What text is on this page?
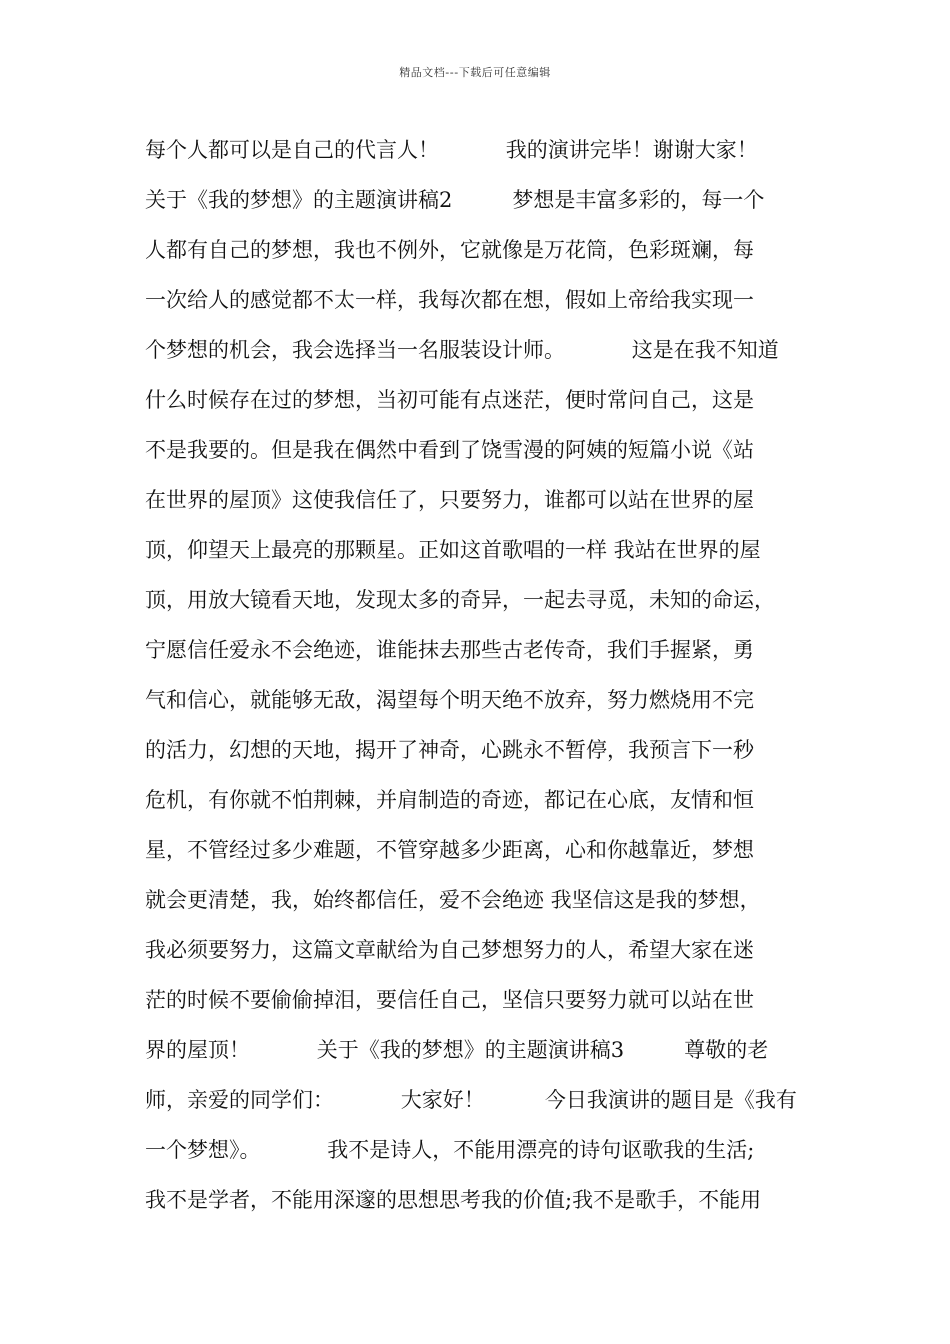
精品文档---下载后可任意编辑
每个人都可以是自己的代言人！          我的演讲完毕！谢谢大家！
关于《我的梦想》的主题演讲稿2         梦想是丰富多彩的，每一个
人都有自己的梦想，我也不例外，它就像是万花筒，色彩斑斓，每
一次给人的感觉都不太一样，我每次都在想，假如上帝给我实现一
个梦想的机会，我会选择当一名服装设计师。          这是在我不知道
什么时候存在过的梦想，当初可能有点迷茫，便时常问自己，这是
不是我要的。但是我在偶然中看到了饶雪漫的阿姨的短篇小说《站
在世界的屋顶》这使我信任了，只要努力，谁都可以站在世界的屋
顶，仰望天上最亮的那颗星。正如这首歌唱的一样 我站在世界的屋
顶，用放大镜看天地，发现太多的奇异，一起去寻觅，未知的命运，
宁愿信任爱永不会绝迹，谁能抹去那些古老传奇，我们手握紧，勇
气和信心，就能够无敌，渴望每个明天绝不放弃，努力燃烧用不完
的活力，幻想的天地，揭开了神奇，心跳永不暂停，我预言下一秒
危机，有你就不怕荆棘，并肩制造的奇迹，都记在心底，友情和恒
星，不管经过多少难题，不管穿越多少距离，心和你越靠近，梦想
就会更清楚，我，始终都信任，爱不会绝迹 我坚信这是我的梦想，
我必须要努力，这篇文章献给为自己梦想努力的人，希望大家在迷
茫的时候不要偷偷掉泪，要信任自己，坚信只要努力就可以站在世
界的屋顶！          关于《我的梦想》的主题演讲稿3         尊敬的老
师，亲爱的同学们：          大家好！         今日我演讲的题目是《我有
一个梦想》。          我不是诗人，不能用漂亮的诗句讴歌我的生活;
我不是学者，不能用深邃的思想思考我的价值;我不是歌手，不能用
